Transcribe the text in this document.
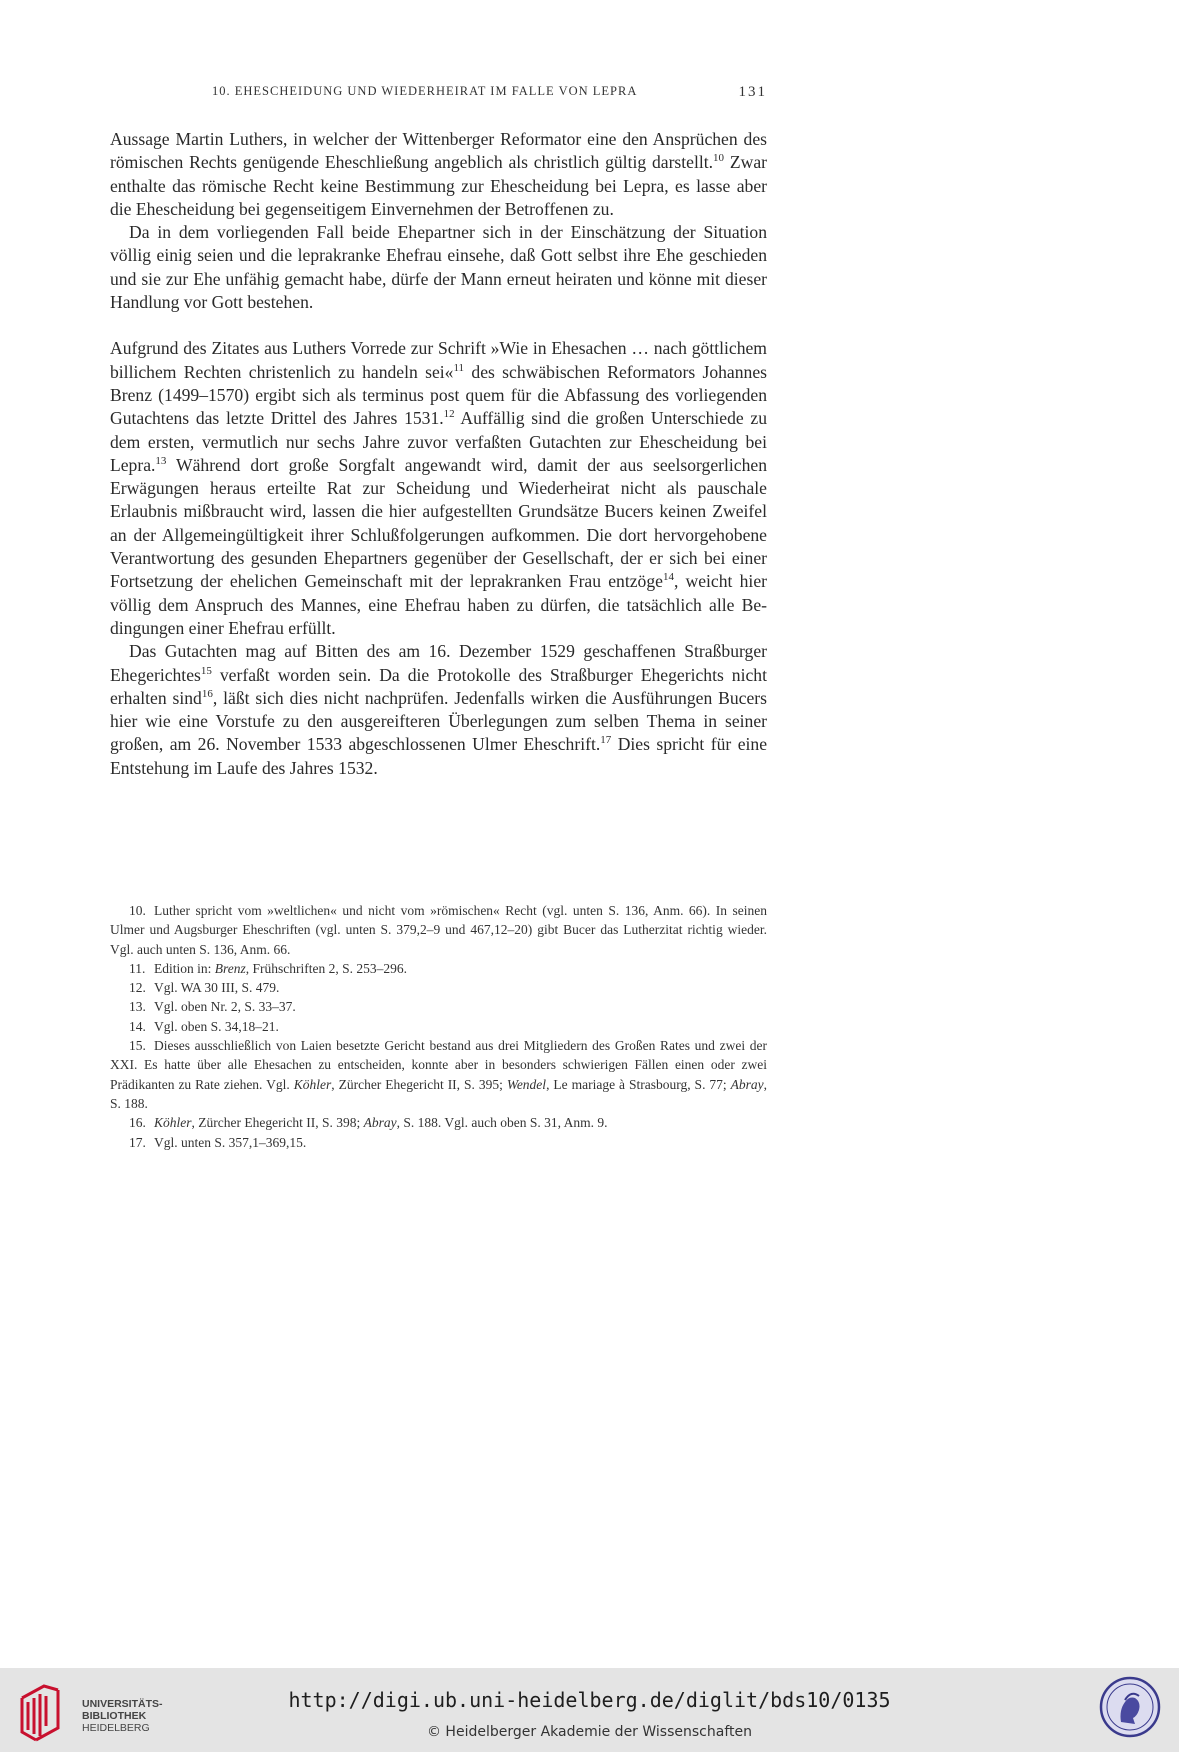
10. EHESCHEIDUNG UND WIEDERHEIRAT IM FALLE VON LEPRA	131

Aussage Martin Luthers, in welcher der Wittenberger Reformator eine den Ansprüchen des römischen Rechts genügende Eheschließung angeblich als christlich gültig darstellt.$^{10}$ Zwar enthalte das römische Recht keine Bestimmung zur Ehescheidung bei Lepra, es lasse aber die Ehescheidung bei gegenseitigem Einvernehmen der Betroffenen zu.

Da in dem vorliegenden Fall beide Ehepartner sich in der Einschätzung der Situation völlig einig seien und die leprakranke Ehefrau einsehe, daß Gott selbst ihre Ehe geschieden und sie zur Ehe unfähig gemacht habe, dürfe der Mann erneut heiraten und könne mit dieser Handlung vor Gott bestehen.

Aufgrund des Zitates aus Luthers Vorrede zur Schrift »Wie in Ehesachen … nach göttlichem billichem Rechten christenlich zu handeln sei«$^{11}$ des schwäbischen Reformators Johannes Brenz (1499–1570) ergibt sich als terminus post quem für die Abfassung des vorliegenden Gutachtens das letzte Drittel des Jahres 1531.12 Auffällig sind die großen Unterschiede zu dem ersten, vermutlich nur sechs Jahre zuvor verfaßten Gutachten zur Ehescheidung bei Lepra.$^{13}$ Während dort große Sorgfalt angewandt wird, damit der aus seelsorgerlichen Erwägungen heraus erteilte Rat zur Scheidung und Wiederheirat nicht als pauschale Erlaubnis mißbraucht wird, lassen die hier aufgestellten Grundsätze Bucers keinen Zweifel an der Allgemeingültigkeit ihrer Schlußfolgerungen aufkommen. Die dort hervorgehobene Verantwortung des gesunden Ehepartners gegenüber der Gesellschaft, der er sich bei einer Fortsetzung der ehelichen Gemeinschaft mit der leprakranken Frau entzöge$^{14}$, weicht hier völlig dem Anspruch des Mannes, eine Ehefrau haben zu dürfen, die tatsächlich alle Bedingungen einer Ehefrau erfüllt.

Das Gutachten mag auf Bitten des am 16. Dezember 1529 geschaffenen Straßburger Ehegerichtes$^{15}$ verfaßt worden sein. Da die Protokolle des Straßburger Ehegerichts nicht erhalten sind$^{16}$, läßt sich dies nicht nachprüfen. Jedenfalls wirken die Ausführungen Bucers hier wie eine Vorstufe zu den ausgereifteren Überlegungen zum selben Thema in seiner großen, am 26. November 1533 abgeschlossenen Ulmer Eheschrift.$^{17}$ Dies spricht für eine Entstehung im Laufe des Jahres 1532.

10. Luther spricht vom »weltlichen« und nicht vom »römischen« Recht (vgl. unten S. 136, Anm. 66). In seinen Ulmer und Augsburger Eheschriften (vgl. unten S. 379,2–9 und 467,12–20) gibt Bucer das Lutherzitat richtig wieder. Vgl. auch unten S. 136, Anm. 66.

11. Edition in: Brenz, Frühschriften 2, S. 253–296.

12. Vgl. WA 30 III, S. 479.

13. Vgl. oben Nr. 2, S. 33–37.

14. Vgl. oben S. 34,18–21.

15. Dieses ausschließlich von Laien besetzte Gericht bestand aus drei Mitgliedern des Großen Rates und zwei der XXI. Es hatte über alle Ehesachen zu entscheiden, konnte aber in besonders schwierigen Fällen einen oder zwei Prädikanten zu Rate ziehen. Vgl. Köhler, Zürcher Ehegericht II, S. 395; Wendel, Le mariage à Strasbourg, S. 77; Abray, S. 188.

16. Köhler, Zürcher Ehegericht II, S. 398; Abray, S. 188. Vgl. auch oben S. 31, Anm. 9.

17. Vgl. unten S. 357,1–369,15.

UNIVERSITÄTS-
BIBLIOTHEK
HEIDELBERG
http://digi.ub.uni-heidelberg.de/diglit/bds10/0135
© Heidelberger Akademie der Wissenschaften
